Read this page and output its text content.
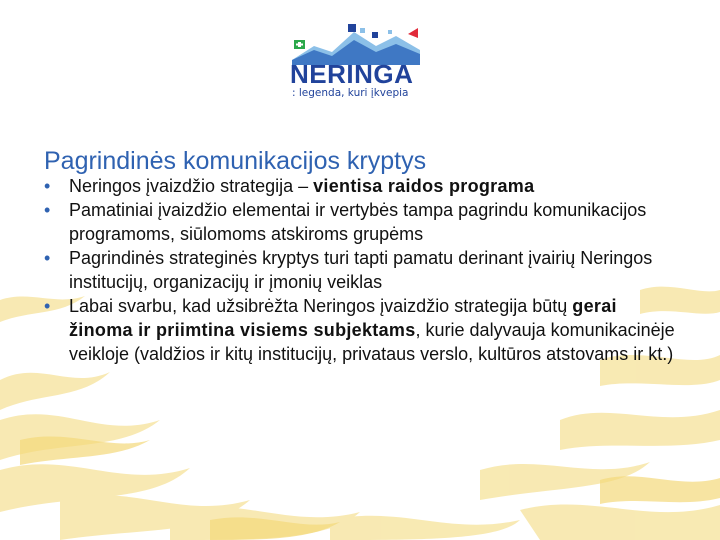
NERINGA
: legenda, kuri įkvepia
Pagrindinės komunikacijos kryptys
• Neringos įvaizdžio strategija – vientisa raidos programa
• Pamatiniai įvaizdžio elementai ir vertybės tampa pagrindu komunikacijos programoms, siūlomoms atskiroms grupėms
• Pagrindinės strateginės kryptys turi tapti pamatu derinant įvairių Neringos institucijų, organizacijų ir įmonių veiklas
• Labai svarbu, kad užsibrėžta Neringos įvaizdžio strategija būtų gerai žinoma ir priimtina visiems subjektams, kurie dalyvauja komunikacinėje veikloje (valdžios ir kitų institucijų, privataus verslo, kultūros atstovams ir kt.)
